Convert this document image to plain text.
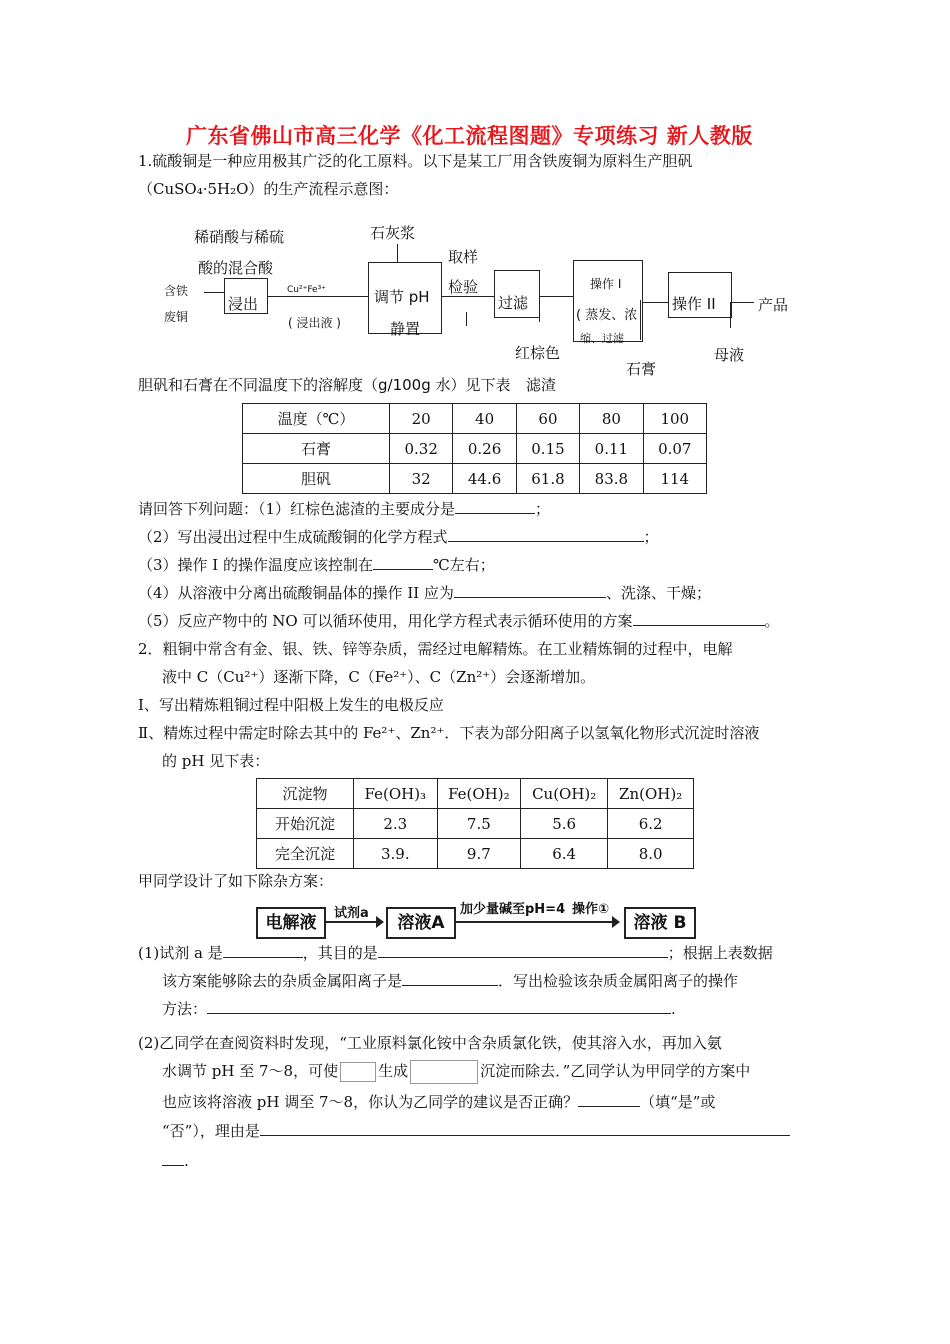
广东省佛山市高三化学《化工流程图题》专项练习 新人教版
1.硫酸铜是一种应用极其广泛的化工原料。以下是某工厂用含铁废铜为原料生产胆矾
（CuSO₄·5H₂O）的生产流程示意图：
稀硝酸与稀硫
酸的混合酸
含铁
废铜
浸出
Cu²⁺Fe³⁺
( 浸出液 )
石灰浆
调节 pH
静置
取样
检验
过滤
红棕色
滤渣
操作 I
( 蒸发、浓
缩、过滤
石膏
操作 II	产品
母液
胆矾和石膏在不同温度下的溶解度（g/100g 水）见下表
温度（℃）	20	40	60	80	100
石膏	0.32	0.26	0.15	0.11	0.07
胆矾	32	44.6	61.8	83.8	114
请回答下列问题：（1）红棕色滤渣的主要成分是	；
（2）写出浸出过程中生成硫酸铜的化学方程式	；
（3）操作 I 的操作温度应该控制在	℃左右；
（4）从溶液中分离出硫酸铜晶体的操作 II 应为	、洗涤、干燥；
（5）反应产物中的 NO 可以循环使用，用化学方程式表示循环使用的方案	。
2．粗铜中常含有金、银、铁、锌等杂质，需经过电解精炼。在工业精炼铜的过程中，电解
液中 C（Cu²⁺）逐渐下降，C（Fe²⁺）、C（Zn²⁺）会逐渐增加。
Ⅰ、写出精炼粗铜过程中阳极上发生的电极反应
Ⅱ、精炼过程中需定时除去其中的 Fe²⁺、Zn²⁺．下表为部分阳离子以氢氧化物形式沉淀时溶液
的 pH 见下表：
沉淀物	Fe(OH)₃	Fe(OH)₂	Cu(OH)₂	Zn(OH)₂
开始沉淀	2.3	7.5	5.6	6.2
完全沉淀	3.9.	9.7	6.4	8.0
甲同学设计了如下除杂方案：
电解液	试剂a	溶液A
加少量碱至pH=4 操作①
溶液 B
(1)试剂 a 是	，其目的是	；根据上表数据
该方案能够除去的杂质金属阳离子是	．写出检验该杂质金属阳离子的操作
方法：	.
(2)乙同学在查阅资料时发现，“工业原料氯化铵中含杂质氯化铁，使其溶入水，再加入氨
水调节 pH 至 7～8，可使	生成	沉淀而除去．”乙同学认为甲同学的方案中
也应该将溶液 pH 调至 7～8，你认为乙同学的建议是否正确？	（填“是”或
“否”），理由是
.
